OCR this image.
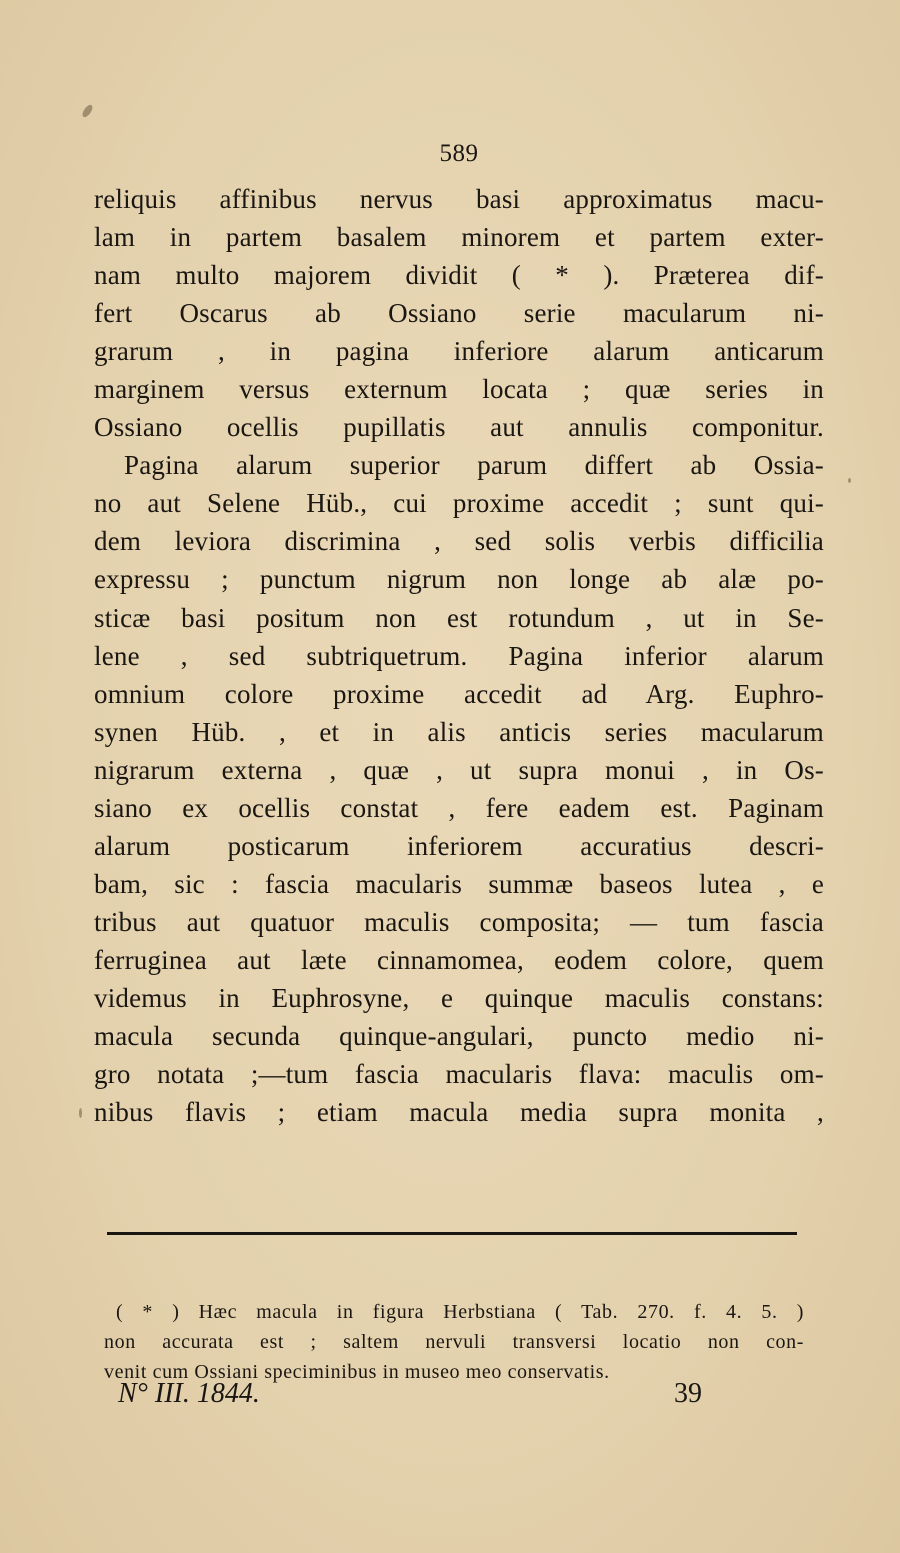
589
reliquis affinibus nervus basi approximatus macu-
lam in partem basalem minorem et partem exter-
nam multo majorem dividit ( * ). Præterea dif-
fert Oscarus ab Ossiano serie macularum ni-
grarum , in pagina inferiore alarum anticarum
marginem versus externum locata ; quæ series in
Ossiano ocellis pupillatis aut annulis componitur.
Pagina alarum superior parum differt ab Ossia-
no aut Selene Hüb., cui proxime accedit ; sunt qui-
dem leviora discrimina , sed solis verbis difficilia
expressu ; punctum nigrum non longe ab alæ po-
sticæ basi positum non est rotundum , ut in Se-
lene , sed subtriquetrum. Pagina inferior alarum
omnium colore proxime accedit ad Arg. Euphro-
synen Hüb. , et in alis anticis series macularum
nigrarum externa , quæ , ut supra monui , in Os-
siano ex ocellis constat , fere eadem est. Paginam
alarum posticarum inferiorem accuratius descri-
bam, sic : fascia macularis summæ baseos lutea , e
tribus aut quatuor maculis composita; — tum fascia
ferruginea aut læte cinnamomea, eodem colore, quem
videmus in Euphrosyne, e quinque maculis constans:
macula secunda quinque-angulari, puncto medio ni-
gro notata ;—tum fascia macularis flava: maculis om-
nibus flavis ; etiam macula media supra monita ,
( * ) Hæc macula in figura Herbstiana ( Tab. 270. f. 4. 5. )
non accurata est ; saltem nervuli transversi locatio non con-
venit cum Ossiani speciminibus in museo meo conservatis.
N° III. 1844.	39
